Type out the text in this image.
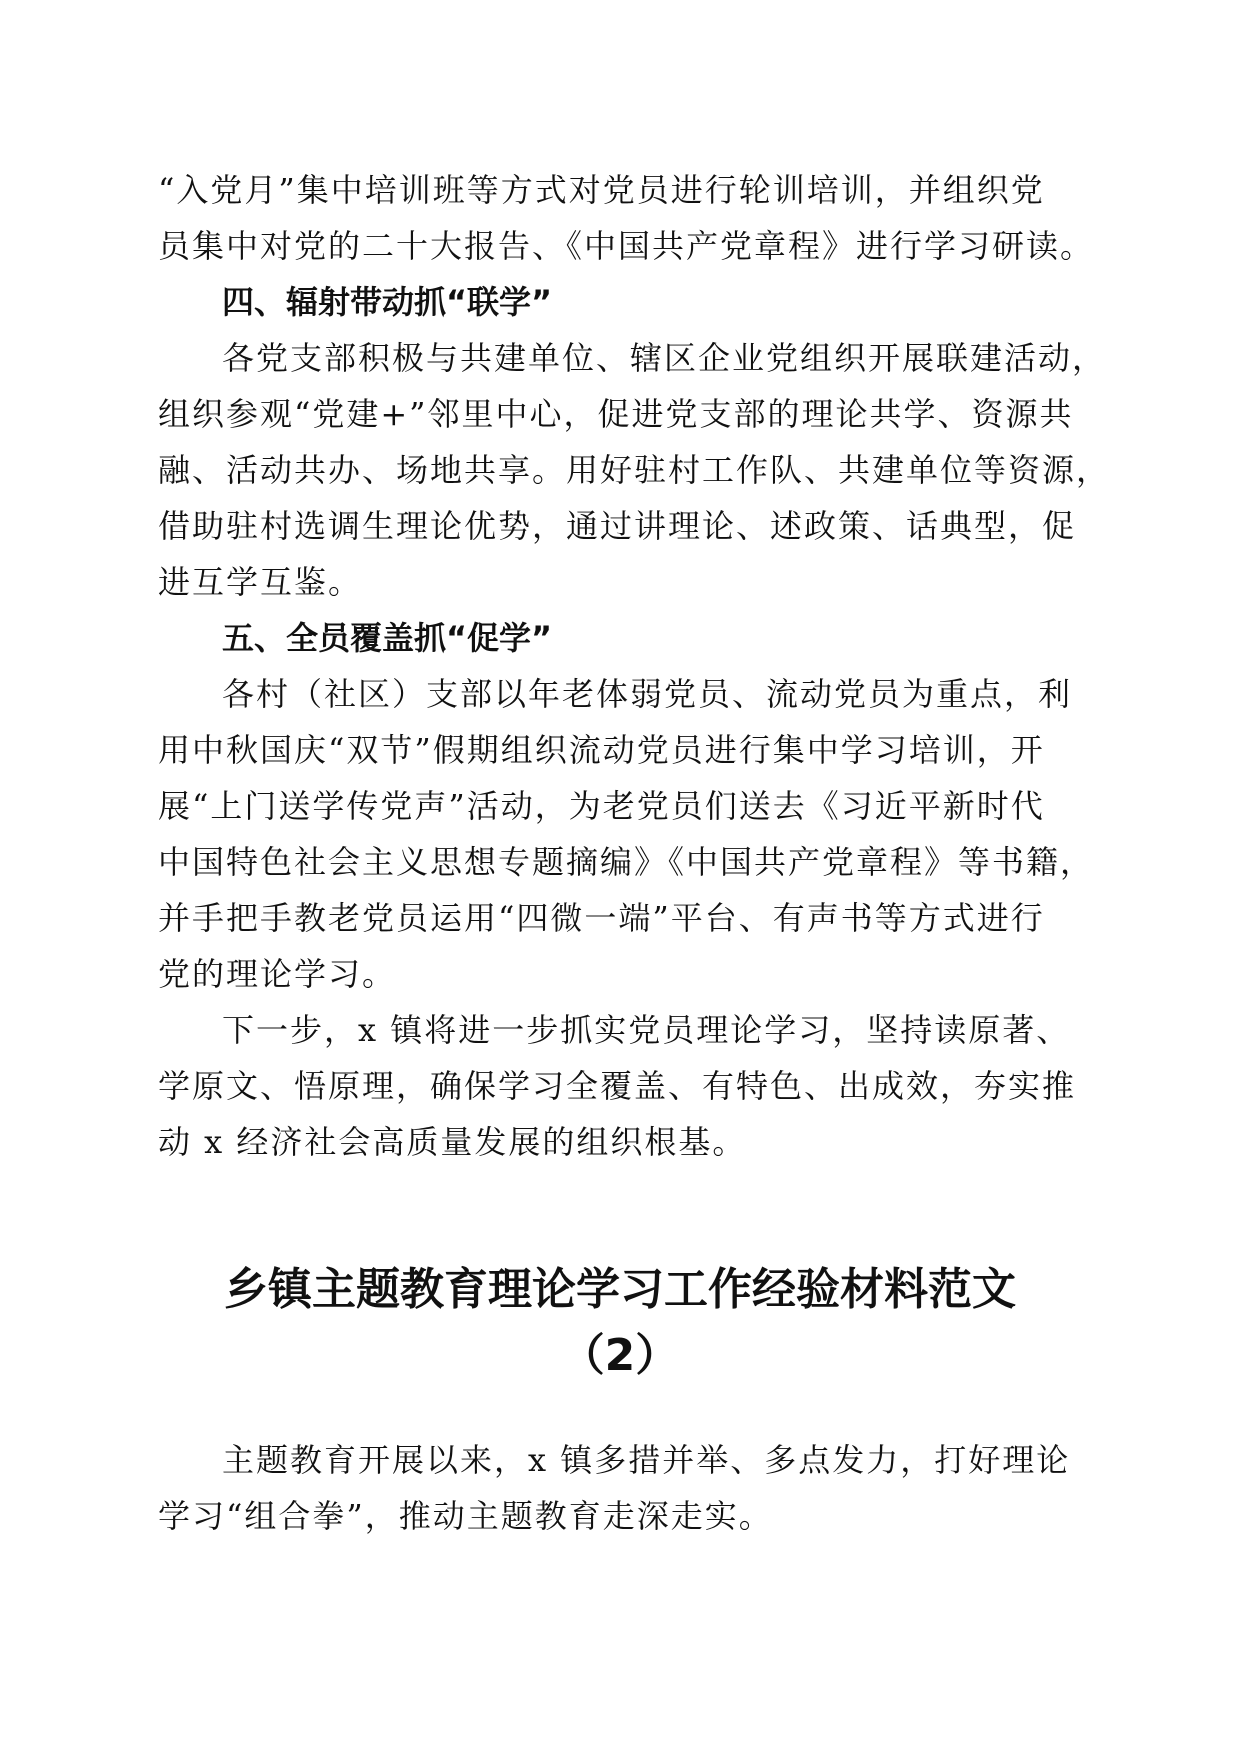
“入党月”集中培训班等方式对党员进行轮训培训，并组织党
员集中对党的二十大报告、《中国共产党章程》进行学习研读。
四、辐射带动抓“联学”
各党支部积极与共建单位、辖区企业党组织开展联建活动，
组织参观“党建+”邻里中心，促进党支部的理论共学、资源共
融、活动共办、场地共享。用好驻村工作队、共建单位等资源，
借助驻村选调生理论优势，通过讲理论、述政策、话典型，促
进互学互鉴。
五、全员覆盖抓“促学”
各村（社区）支部以年老体弱党员、流动党员为重点，利
用中秋国庆“双节”假期组织流动党员进行集中学习培训，开
展“上门送学传党声”活动，为老党员们送去《习近平新时代
中国特色社会主义思想专题摘编》《中国共产党章程》等书籍，
并手把手教老党员运用“四微一端”平台、有声书等方式进行
党的理论学习。
下一步，x 镇将进一步抓实党员理论学习，坚持读原著、
学原文、悟原理，确保学习全覆盖、有特色、出成效，夯实推
动 x 经济社会高质量发展的组织根基。
乡镇主题教育理论学习工作经验材料范文
（2）
主题教育开展以来，x 镇多措并举、多点发力，打好理论
学习“组合拳”，推动主题教育走深走实。
